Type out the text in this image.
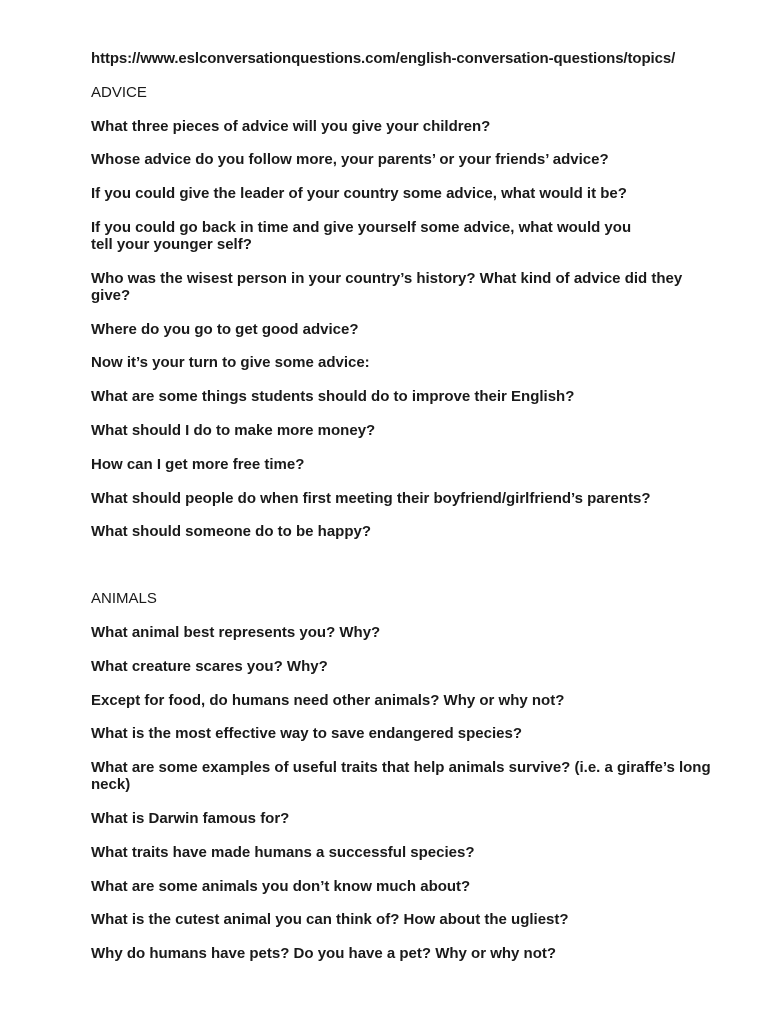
https://www.eslconversationquestions.com/english-conversation-questions/topics/
ADVICE
What three pieces of advice will you give your children?
Whose advice do you follow more, your parents’ or your friends’ advice?
If you could give the leader of your country some advice, what would it be?
If you could go back in time and give yourself some advice, what would you tell your younger self?
Who was the wisest person in your country’s history? What kind of advice did they give?
Where do you go to get good advice?
Now it’s your turn to give some advice:
What are some things students should do to improve their English?
What should I do to make more money?
How can I get more free time?
What should people do when first meeting their boyfriend/girlfriend’s parents?
What should someone do to be happy?
ANIMALS
What animal best represents you? Why?
What creature scares you? Why?
Except for food, do humans need other animals? Why or why not?
What is the most effective way to save endangered species?
What are some examples of useful traits that help animals survive? (i.e. a giraffe’s long neck)
What is Darwin famous for?
What traits have made humans a successful species?
What are some animals you don’t know much about?
What is the cutest animal you can think of? How about the ugliest?
Why do humans have pets? Do you have a pet? Why or why not?
